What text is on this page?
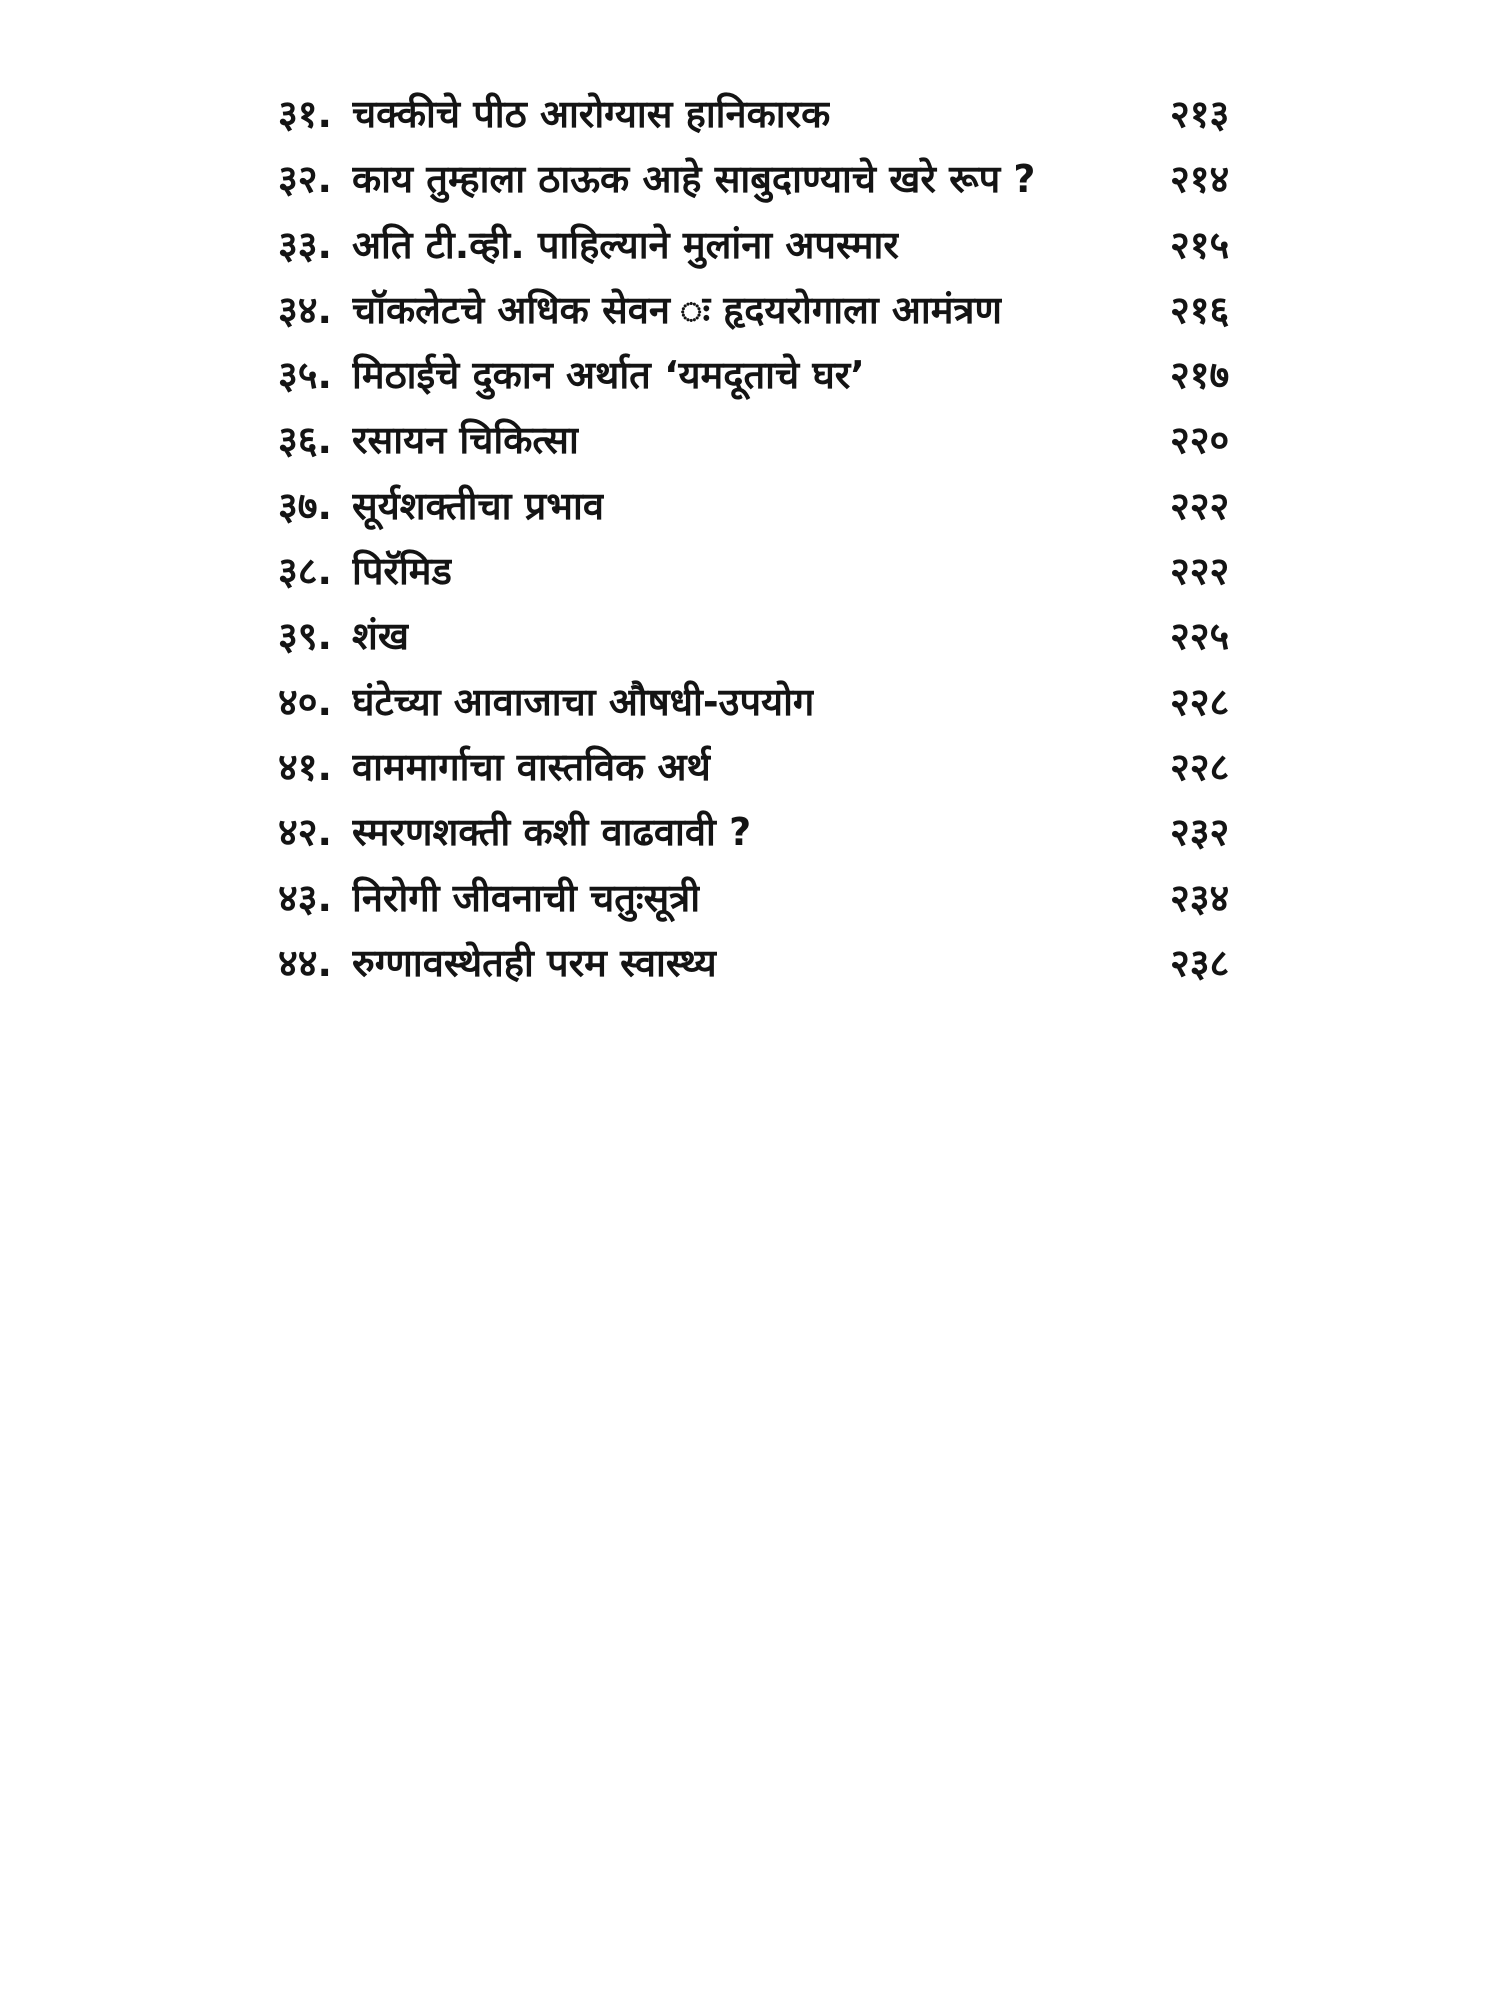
३१. चक्कीचे पीठ आरोग्यास हानिकारक	२१३
३२. काय तुम्हाला ठाऊक आहे साबुदाण्याचे खरे रूप ?	२१४
३३. अति टी.व्ही. पाहिल्याने मुलांना अपस्मार	२१५
३४. चॉकलेटचे अधिक सेवन ः हृदयरोगाला आमंत्रण	२१६
३५. मिठाईचे दुकान अर्थात ‘यमदूताचे घर’	२१७
३६. रसायन चिकित्सा	२२०
३७. सूर्यशक्तीचा प्रभाव	२२२
३८. पिरॅमिड	२२२
३९. शंख	२२५
४०. घंटेच्या आवाजाचा औषधी-उपयोग	२२८
४१. वाममार्गाचा वास्तविक अर्थ	२२८
४२. स्मरणशक्ती कशी वाढवावी ?	२३२
४३. निरोगी जीवनाची चतुःसूत्री	२३४
४४. रुग्णावस्थेतही परम स्वास्थ्य	२३८
